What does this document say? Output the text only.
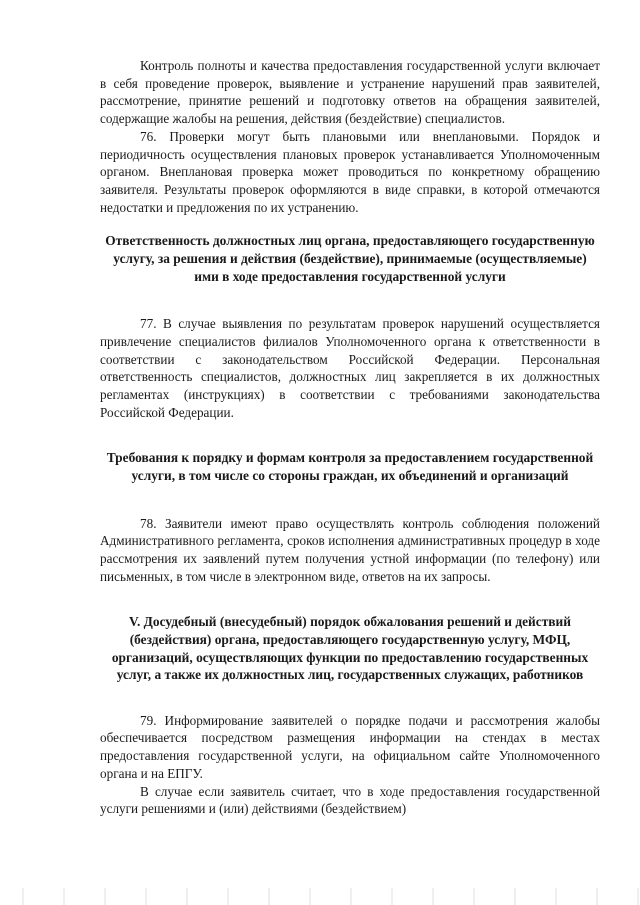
Контроль полноты и качества предоставления государственной услуги включает в себя проведение проверок, выявление и устранение нарушений прав заявителей, рассмотрение, принятие решений и подготовку ответов на обращения заявителей, содержащие жалобы на решения, действия (бездействие) специалистов.

76. Проверки могут быть плановыми или внеплановыми. Порядок и периодичность осуществления плановых проверок устанавливается Уполномоченным органом. Внеплановая проверка может проводиться по конкретному обращению заявителя. Результаты проверок оформляются в виде справки, в которой отмечаются недостатки и предложения по их устранению.

Ответственность должностных лиц органа, предоставляющего государственную услугу, за решения и действия (бездействие), принимаемые (осуществляемые) ими в ходе предоставления государственной услуги

77. В случае выявления по результатам проверок нарушений осуществляется привлечение специалистов филиалов Уполномоченного органа к ответственности в соответствии с законодательством Российской Федерации. Персональная ответственность специалистов, должностных лиц закрепляется в их должностных регламентах (инструкциях) в соответствии с требованиями законодательства Российской Федерации.

Требования к порядку и формам контроля за предоставлением государственной услуги, в том числе со стороны граждан, их объединений и организаций

78. Заявители имеют право осуществлять контроль соблюдения положений Административного регламента, сроков исполнения административных процедур в ходе рассмотрения их заявлений путем получения устной информации (по телефону) или письменных, в том числе в электронном виде, ответов на их запросы.

V. Досудебный (внесудебный) порядок обжалования решений и действий (бездействия) органа, предоставляющего государственную услугу, МФЦ, организаций, осуществляющих функции по предоставлению государственных услуг, а также их должностных лиц, государственных служащих, работников

79. Информирование заявителей о порядке подачи и рассмотрения жалобы обеспечивается посредством размещения информации на стендах в местах предоставления государственной услуги, на официальном сайте Уполномоченного органа и на ЕПГУ.

В случае если заявитель считает, что в ходе предоставления государственной услуги решениями и (или) действиями (бездействием)
